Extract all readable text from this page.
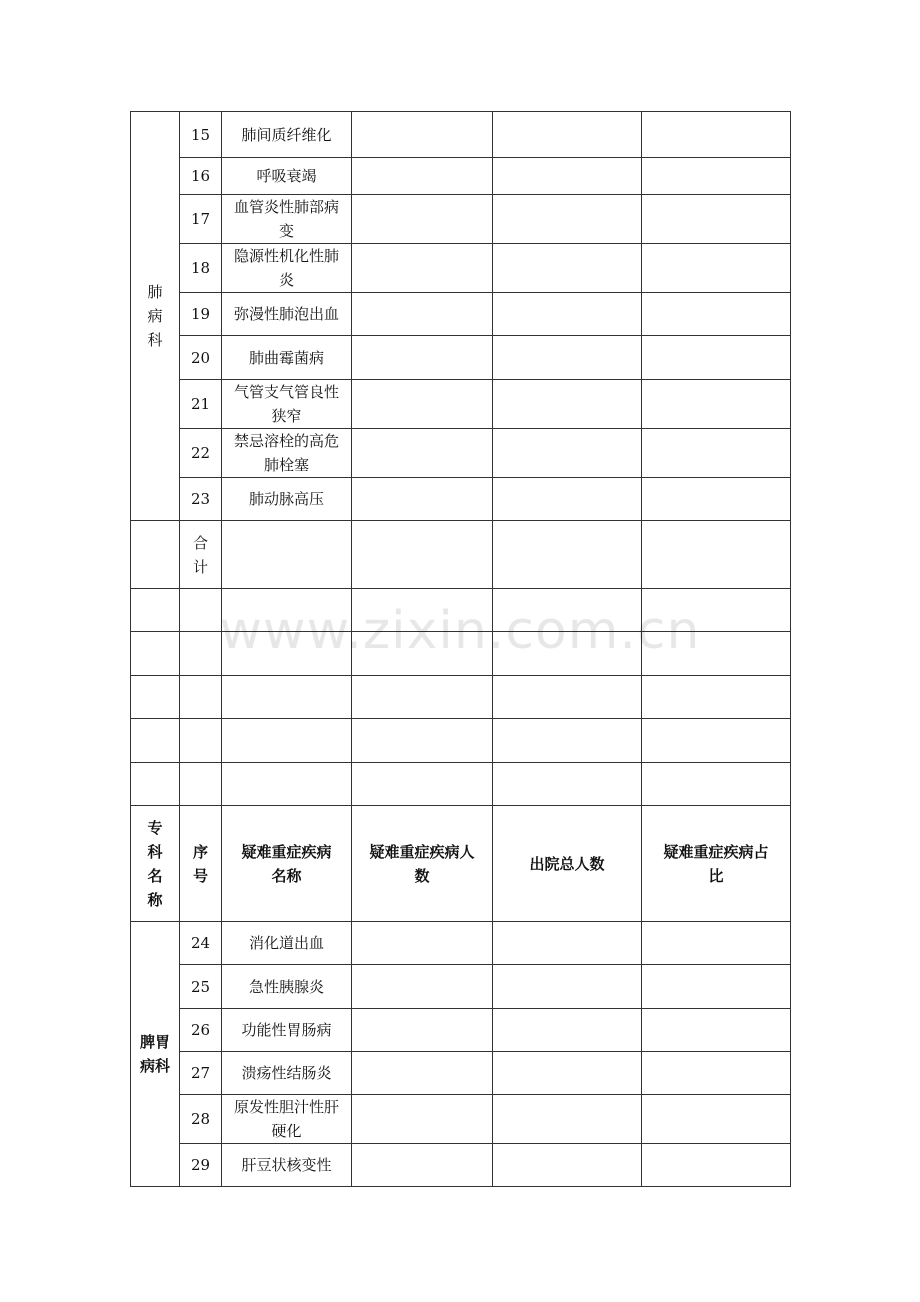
肺病科	15	肺间质纤维化			
	16	呼吸衰竭			
	17	血管炎性肺部病变			
	18	隐源性机化性肺炎			
	19	弥漫性肺泡出血			
	20	肺曲霉菌病			
	21	气管支气管良性狭窄			
	22	禁忌溶栓的高危肺栓塞			
	23	肺动脉高压			
	合计				

专科名称	序号	疑难重症疾病名称	疑难重症疾病人数	出院总人数	疑难重症疾病占比
脾胃病科	24	消化道出血			
	25	急性胰腺炎			
	26	功能性胃肠病			
	27	溃疡性结肠炎			
	28	原发性胆汁性肝硬化			
	29	肝豆状核变性			
www.zixin.com.cn
